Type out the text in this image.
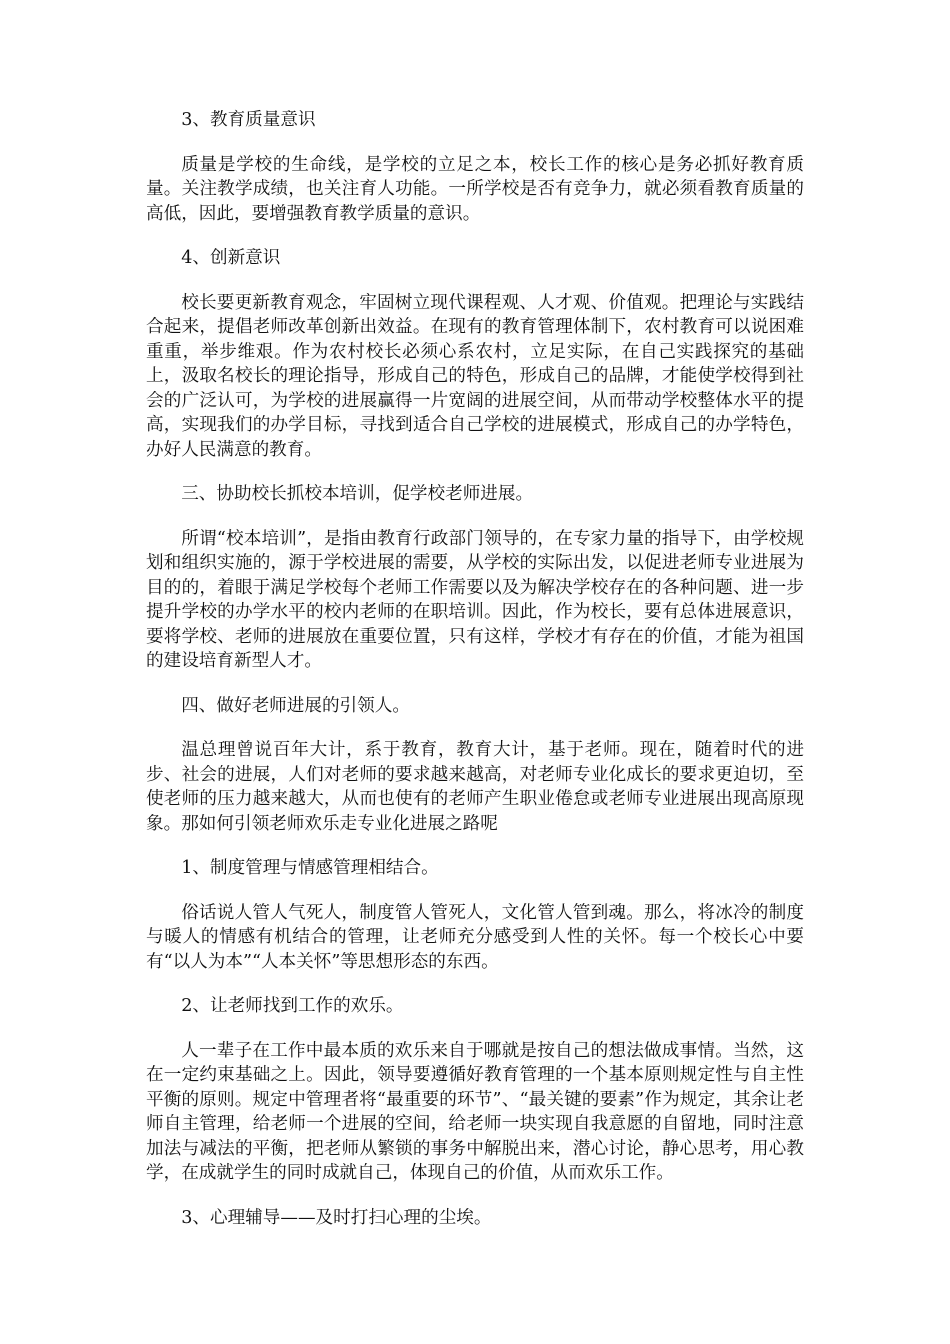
3、教育质量意识

质量是学校的生命线，是学校的立足之本，校长工作的核心是务必抓好教育质量。关注教学成绩，也关注育人功能。一所学校是否有竞争力，就必须看教育质量的高低，因此，要增强教育教学质量的意识。

4、创新意识

校长要更新教育观念，牢固树立现代课程观、人才观、价值观。把理论与实践结合起来，提倡老师改革创新出效益。在现有的教育管理体制下，农村教育可以说困难重重，举步维艰。作为农村校长必须心系农村，立足实际，在自己实践探究的基础上，汲取名校长的理论指导，形成自己的特色，形成自己的品牌，才能使学校得到社会的广泛认可，为学校的进展赢得一片宽阔的进展空间，从而带动学校整体水平的提高，实现我们的办学目标，寻找到适合自己学校的进展模式，形成自己的办学特色，办好人民满意的教育。

三、协助校长抓校本培训，促学校老师进展。

所谓“校本培训”，是指由教育行政部门领导的，在专家力量的指导下，由学校规划和组织实施的，源于学校进展的需要，从学校的实际出发，以促进老师专业进展为目的的，着眼于满足学校每个老师工作需要以及为解决学校存在的各种问题、进一步提升学校的办学水平的校内老师的在职培训。因此，作为校长，要有总体进展意识，要将学校、老师的进展放在重要位置，只有这样，学校才有存在的价值，才能为祖国的建设培育新型人才。

四、做好老师进展的引领人。

温总理曾说百年大计，系于教育，教育大计，基于老师。现在，随着时代的进步、社会的进展，人们对老师的要求越来越高，对老师专业化成长的要求更迫切，至使老师的压力越来越大，从而也使有的老师产生职业倦怠或老师专业进展出现高原现象。那如何引领老师欢乐走专业化进展之路呢

1、制度管理与情感管理相结合。

俗话说人管人气死人，制度管人管死人，文化管人管到魂。那么，将冰冷的制度与暖人的情感有机结合的管理，让老师充分感受到人性的关怀。每一个校长心中要有“以人为本”“人本关怀”等思想形态的东西。

2、让老师找到工作的欢乐。

人一辈子在工作中最本质的欢乐来自于哪就是按自己的想法做成事情。当然，这在一定约束基础之上。因此，领导要遵循好教育管理的一个基本原则规定性与自主性平衡的原则。规定中管理者将“最重要的环节”、“最关键的要素”作为规定，其余让老师自主管理，给老师一个进展的空间，给老师一块实现自我意愿的自留地，同时注意加法与减法的平衡，把老师从繁锁的事务中解脱出来，潜心讨论，静心思考，用心教学，在成就学生的同时成就自己，体现自己的价值，从而欢乐工作。

3、心理辅导——及时打扫心理的尘埃。
